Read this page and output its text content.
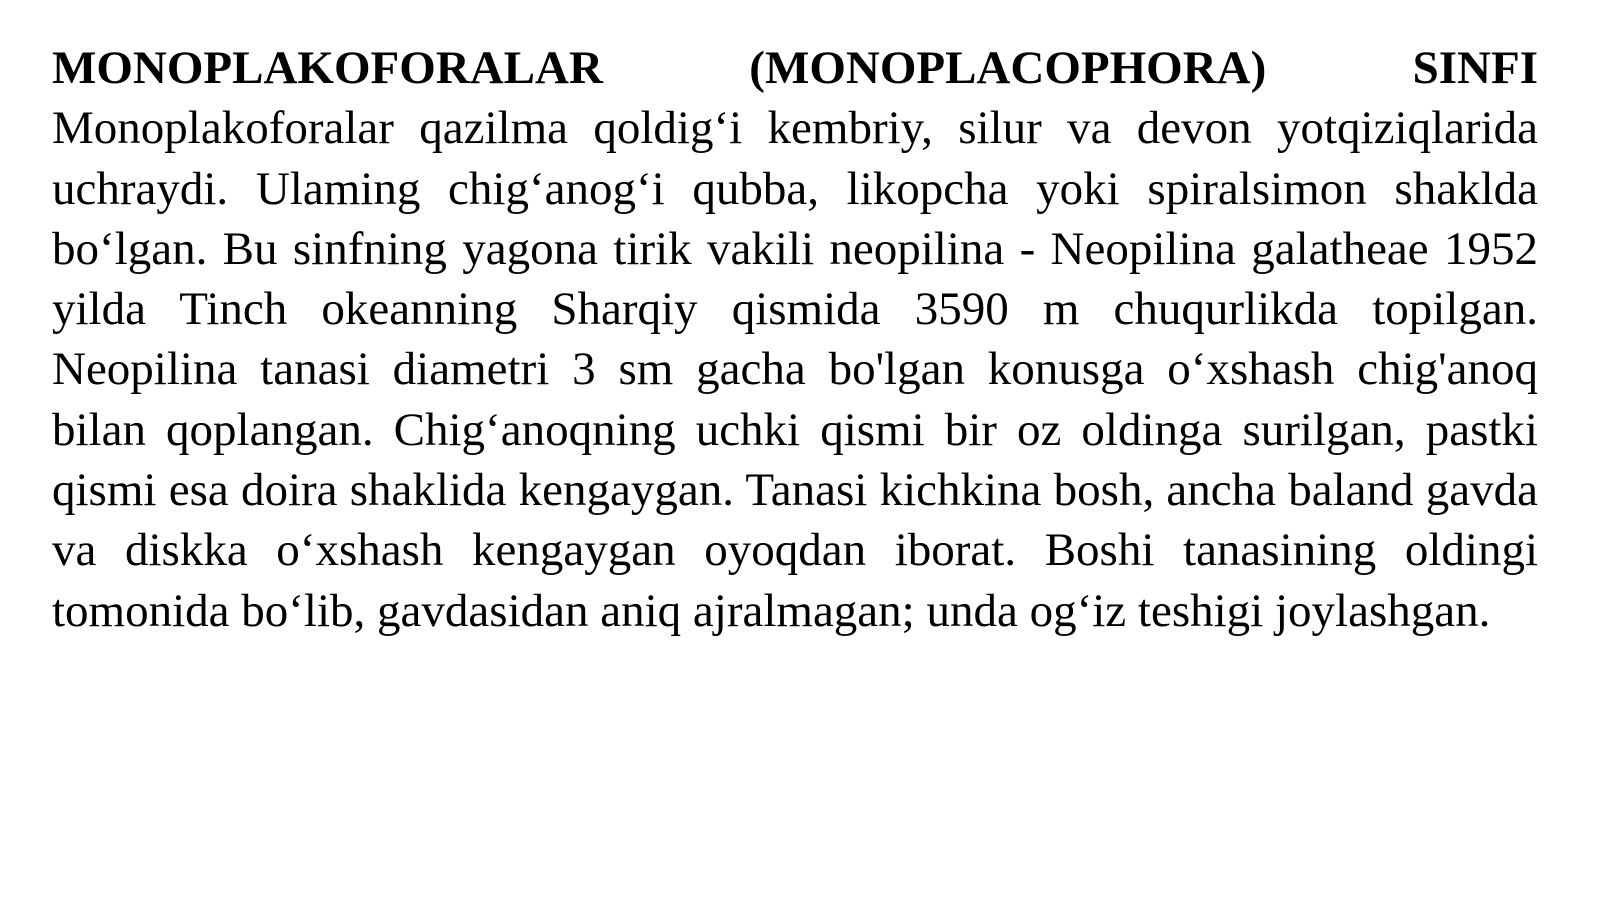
MONOPLAKOFORALAR (MONOPLACOPHORA) SINFI

Monoplakoforalar qazilma qoldig‘i kembriy, silur va devon yotqiziqlarida uchraydi. Ulaming chig‘anog‘i qubba, likopcha yoki spiralsimon shaklda bo‘lgan. Bu sinfning yagona tirik vakili neopilina - Neopilina galatheae 1952 yilda Tinch okeanning Sharqiy qismida 3590 m chuqurlikda topilgan. Neopilina tanasi diametri 3 sm gacha bo'lgan konusga o‘xshash chig'anoq bilan qoplangan. Chig‘anoqning uchki qismi bir oz oldinga surilgan, pastki qismi esa doira shaklida kengaygan. Tanasi kichkina bosh, ancha baland gavda va diskka o‘xshash kengaygan oyoqdan iborat. Boshi tanasining oldingi tomonida bo‘lib, gavdasidan aniq ajralmagan; unda og‘iz teshigi joylashgan.
